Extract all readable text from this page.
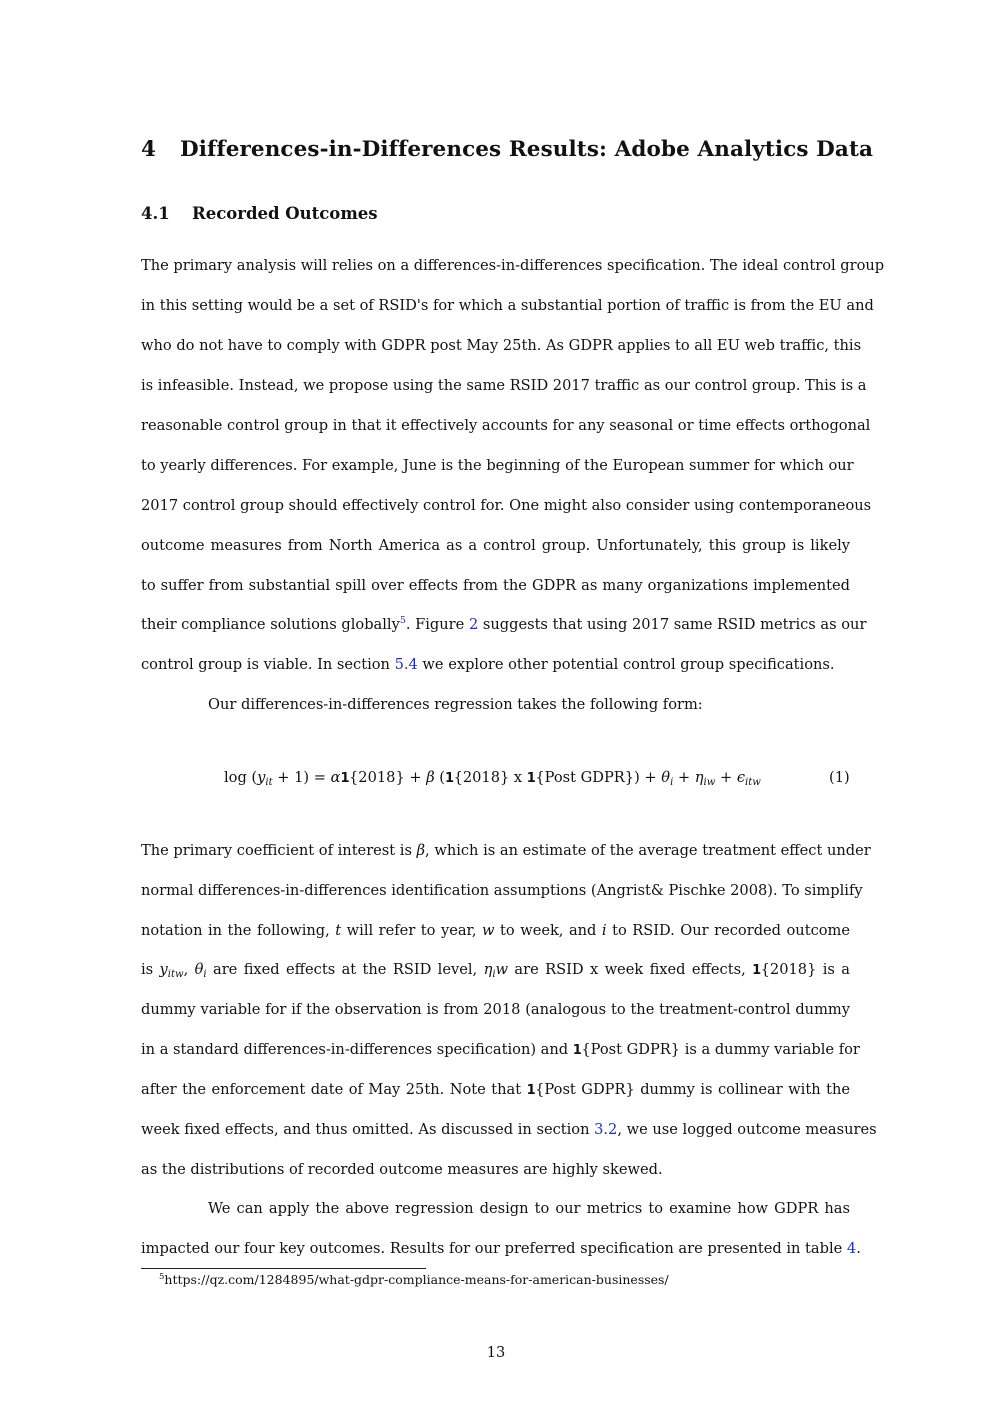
4 Differences-in-Differences Results: Adobe Analytics Data
4.1 Recorded Outcomes

The primary analysis will relies on a differences-in-differences specification. The ideal control group

in this setting would be a set of RSID's for which a substantial portion of traffic is from the EU and

who do not have to comply with GDPR post May 25th. As GDPR applies to all EU web traffic, this

is infeasible. Instead, we propose using the same RSID 2017 traffic as our control group. This is a

reasonable control group in that it effectively accounts for any seasonal or time effects orthogonal

to yearly differences. For example, June is the beginning of the European summer for which our

2017 control group should effectively control for. One might also consider using contemporaneous

outcome measures from North America as a control group. Unfortunately, this group is likely

to suffer from substantial spill over effects from the GDPR as many organizations implemented

their compliance solutions globally$^5$. Figure 2 suggests that using 2017 same RSID metrics as our

control group is viable. In section 5.4 we explore other potential control group specifications.

Our differences-in-differences regression takes the following form:

$\log (y_{it} + 1) = \alpha 1\{2018\} + \beta$ (1{2018} x 1{Post GDPR}) + $\theta_i + \eta_{iw} + \epsilon_{itw}$	(1)

The primary coefficient of interest is β, which is an estimate of the average treatment effect under

normal differences-in-differences identification assumptions (Angrist& Pischke 2008). To simplify

notation in the following, t will refer to year, w to week, and i to RSID. Our recorded outcome

is $y_{itw}$, $\theta_i$ are fixed effects at the RSID level, $\eta_iw$ are RSID x week fixed effects, 1{2018} is a

dummy variable for if the observation is from 2018 (analogous to the treatment-control dummy

in a standard differences-in-differences specification) and 1{Post GDPR} is a dummy variable for

after the enforcement date of May 25th. Note that 1{Post GDPR} dummy is collinear with the

week fixed effects, and thus omitted. As discussed in section 3.2, we use logged outcome measures

as the distributions of recorded outcome measures are highly skewed.

We can apply the above regression design to our metrics to examine how GDPR has

impacted our four key outcomes. Results for our preferred specification are presented in table 4.

$^5$https://qz.com/1284895/what-gdpr-compliance-means-for-american-businesses/
13
